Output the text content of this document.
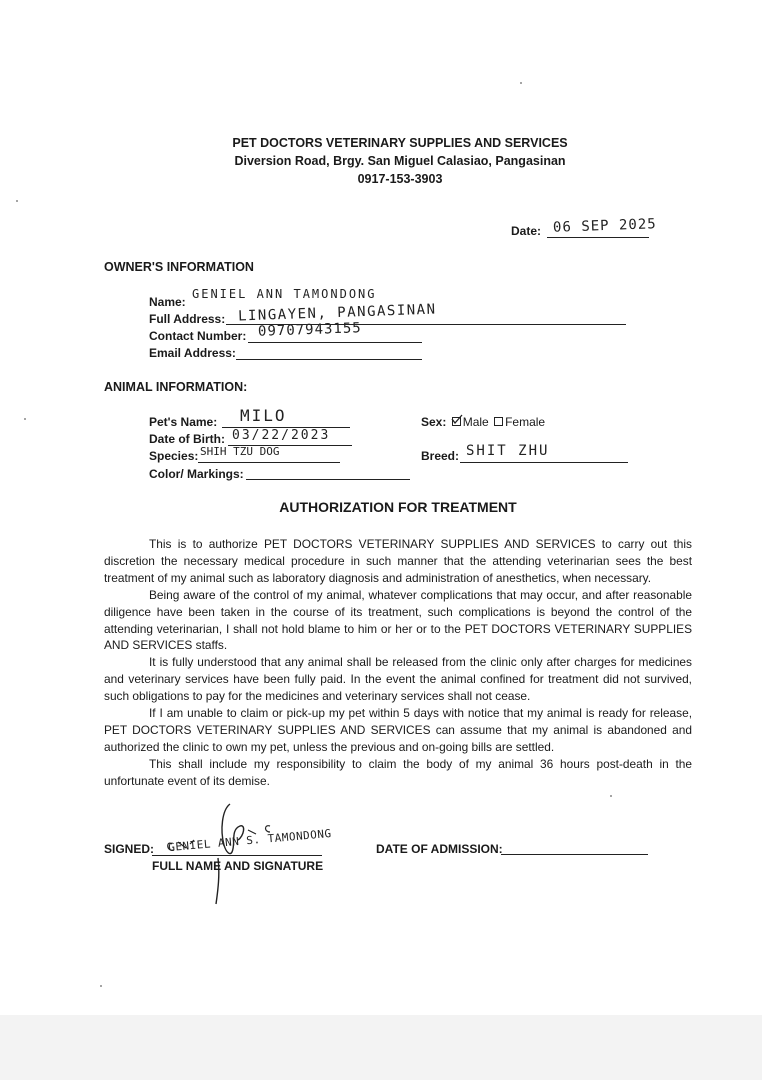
PET DOCTORS VETERINARY SUPPLIES AND SERVICES
Diversion Road, Brgy. San Miguel Calasiao, Pangasinan
0917-153-3903
Date: 06 SEP 2025
OWNER'S INFORMATION
Name:
GENIEL ANN TAMONDONG
Full Address: LINGAYEN, PANGASINAN
Contact Number: 09707943155
Email Address:
ANIMAL INFORMATION:
Pet's Name: MILO
Date of Birth: 03/22/2023
Species: SHIH TZU DOG
Color/ Markings:
Sex: Male Female
Breed: SHIT ZHU
AUTHORIZATION FOR TREATMENT

This is to authorize PET DOCTORS VETERINARY SUPPLIES AND SERVICES to carry out this discretion the necessary medical procedure in such manner that the attending veterinarian sees the best treatment of my animal such as laboratory diagnosis and administration of anesthetics, when necessary.

Being aware of the control of my animal, whatever complications that may occur, and after reasonable diligence have been taken in the course of its treatment, such complications is beyond the control of the attending veterinarian, I shall not hold blame to him or her or to the PET DOCTORS VETERINARY SUPPLIES AND SERVICES staffs.

It is fully understood that any animal shall be released from the clinic only after charges for medicines and veterinary services have been fully paid. In the event the animal confined for treatment did not survived, such obligations to pay for the medicines and veterinary services shall not cease.

If I am unable to claim or pick-up my pet within 5 days with notice that my animal is ready for release, PET DOCTORS VETERINARY SUPPLIES AND SERVICES can assume that my animal is abandoned and authorized the clinic to own my pet, unless the previous and on-going bills are settled.

This shall include my responsibility to claim the body of my animal 36 hours post-death in the unfortunate event of its demise.

SIGNED: GENIEL ANN S. TAMONDONG
FULL NAME AND SIGNATURE
DATE OF ADMISSION:
